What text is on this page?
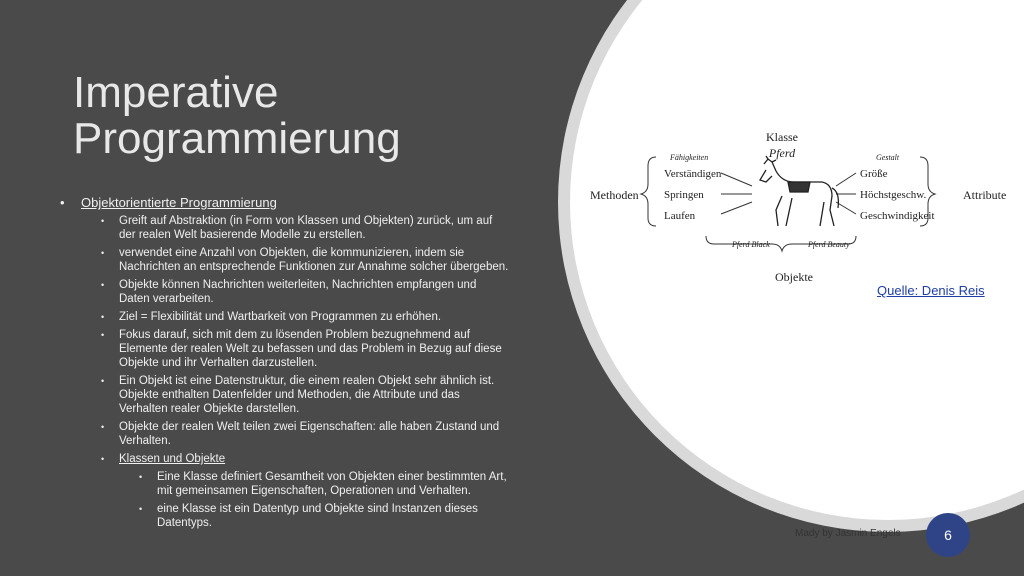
Imperative
Programmierung
• Objektorientierte Programmierung
• Greift auf Abstraktion (in Form von Klassen und Objekten) zurück, um auf der realen Welt basierende Modelle zu erstellen.
• verwendet eine Anzahl von Objekten, die kommunizieren, indem sie Nachrichten an entsprechende Funktionen zur Annahme solcher übergeben.
• Objekte können Nachrichten weiterleiten, Nachrichten empfangen und Daten verarbeiten.
• Ziel = Flexibilität und Wartbarkeit von Programmen zu erhöhen.
• Fokus darauf, sich mit dem zu lösenden Problem bezugnehmend auf Elemente der realen Welt zu befassen und das Problem in Bezug auf diese Objekte und ihr Verhalten darzustellen.
• Ein Objekt ist eine Datenstruktur, die einem realen Objekt sehr ähnlich ist. Objekte enthalten Datenfelder und Methoden, die Attribute und das Verhalten realer Objekte darstellen.
• Objekte der realen Welt teilen zwei Eigenschaften: alle haben Zustand und Verhalten.
• Klassen und Objekte
• Eine Klasse definiert Gesamtheit von Objekten einer bestimmten Art, mit gemeinsamen Eigenschaften, Operationen und Verhalten.
• eine Klasse ist ein Datentyp und Objekte sind Instanzen dieses Datentyps.
Klasse
Pferd
Fähigkeiten	Gestalt
Methoden	Attribute
Verständigen
Springen
Laufen
Größe
Höchstgeschw.
Geschwindigkeit
Pferd Black	Pferd Beauty
Objekte
Quelle: Denis Reis
Mady by Jasmin Engels	6
